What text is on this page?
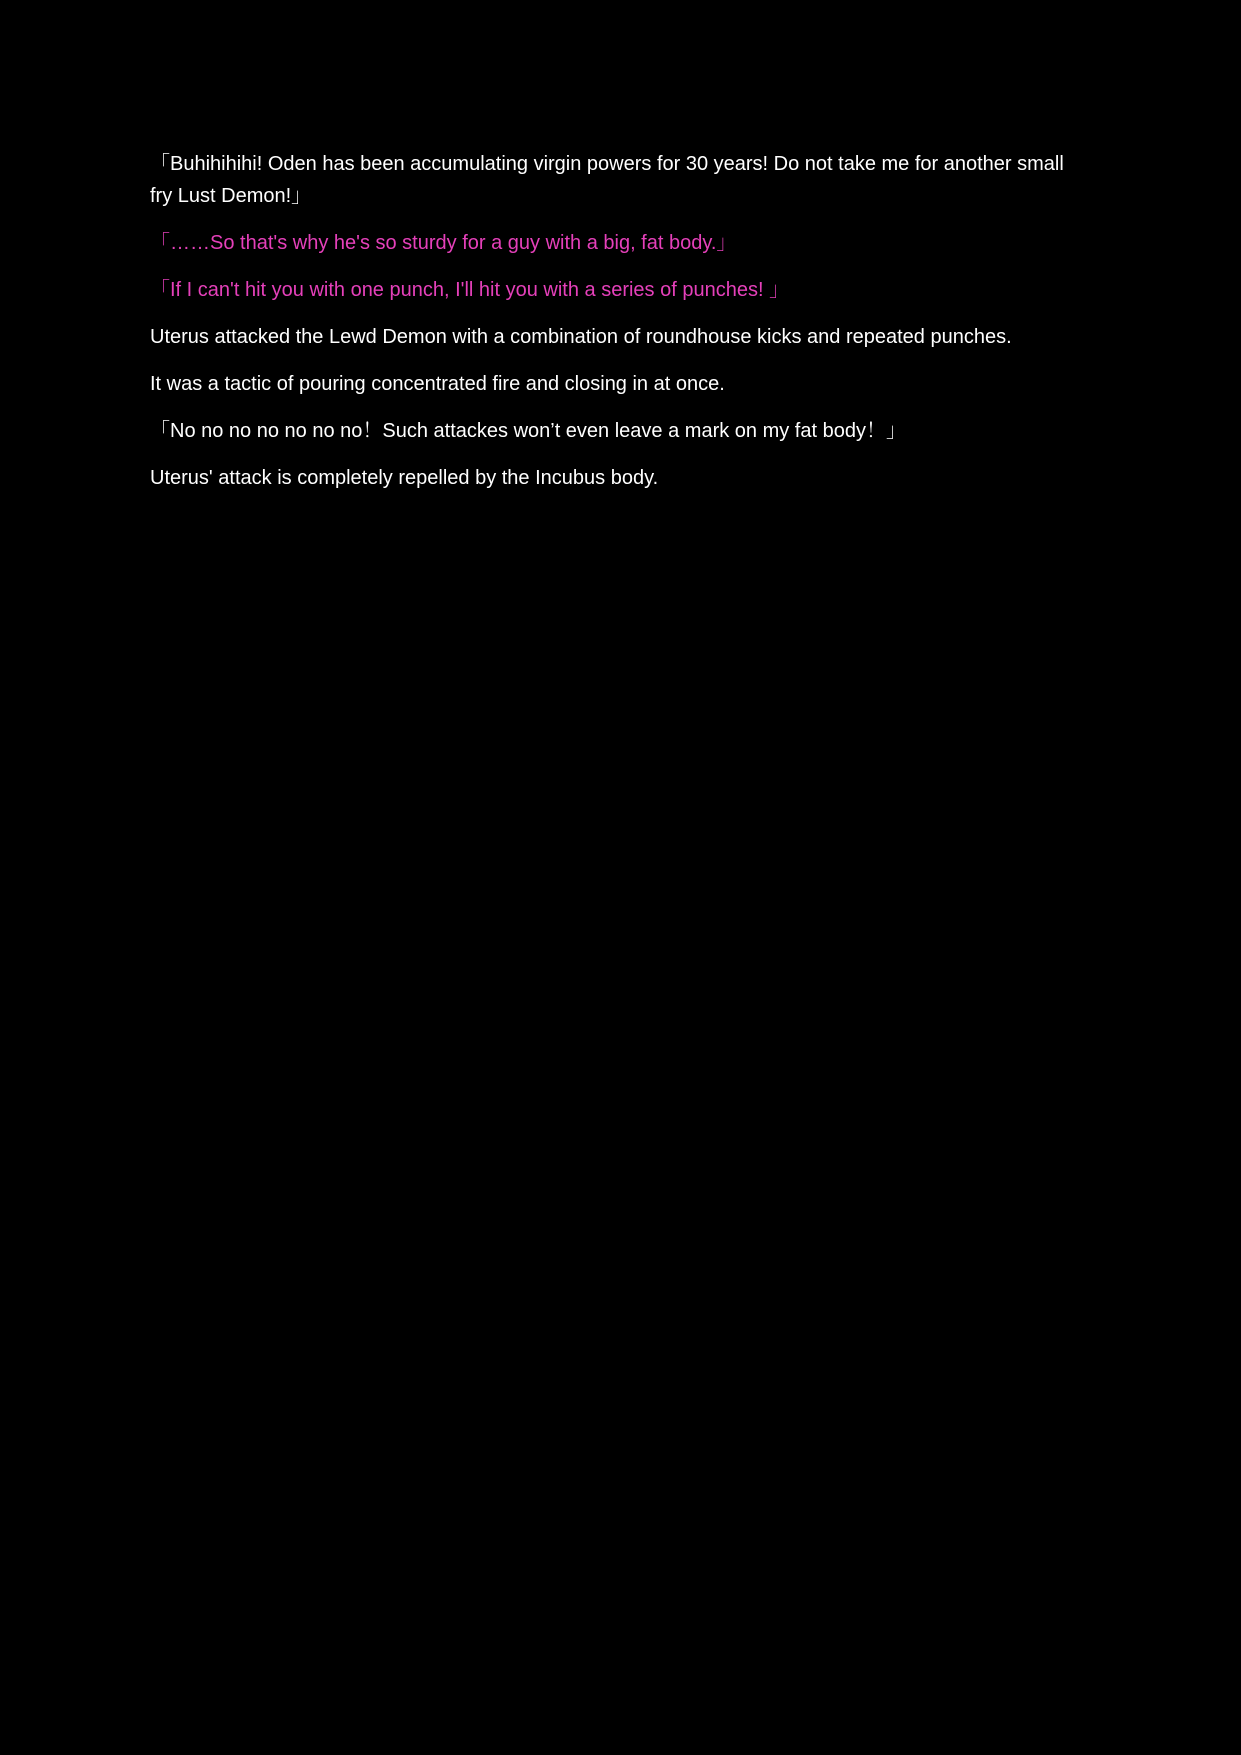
「Buhihihihi! Oden has been accumulating virgin powers for 30 years! Do not take me for another small fry Lust Demon!」

「……So that's why he's so sturdy for a guy with a big, fat body.」

「If I can't hit you with one punch, I'll hit you with a series of punches! 」

Uterus attacked the Lewd Demon with a combination of roundhouse kicks and repeated punches.

It was a tactic of pouring concentrated fire and closing in at once.

「No no no no no no no！Such attackes won’t even leave a mark on my fat body！」

Uterus' attack is completely repelled by the Incubus body.
